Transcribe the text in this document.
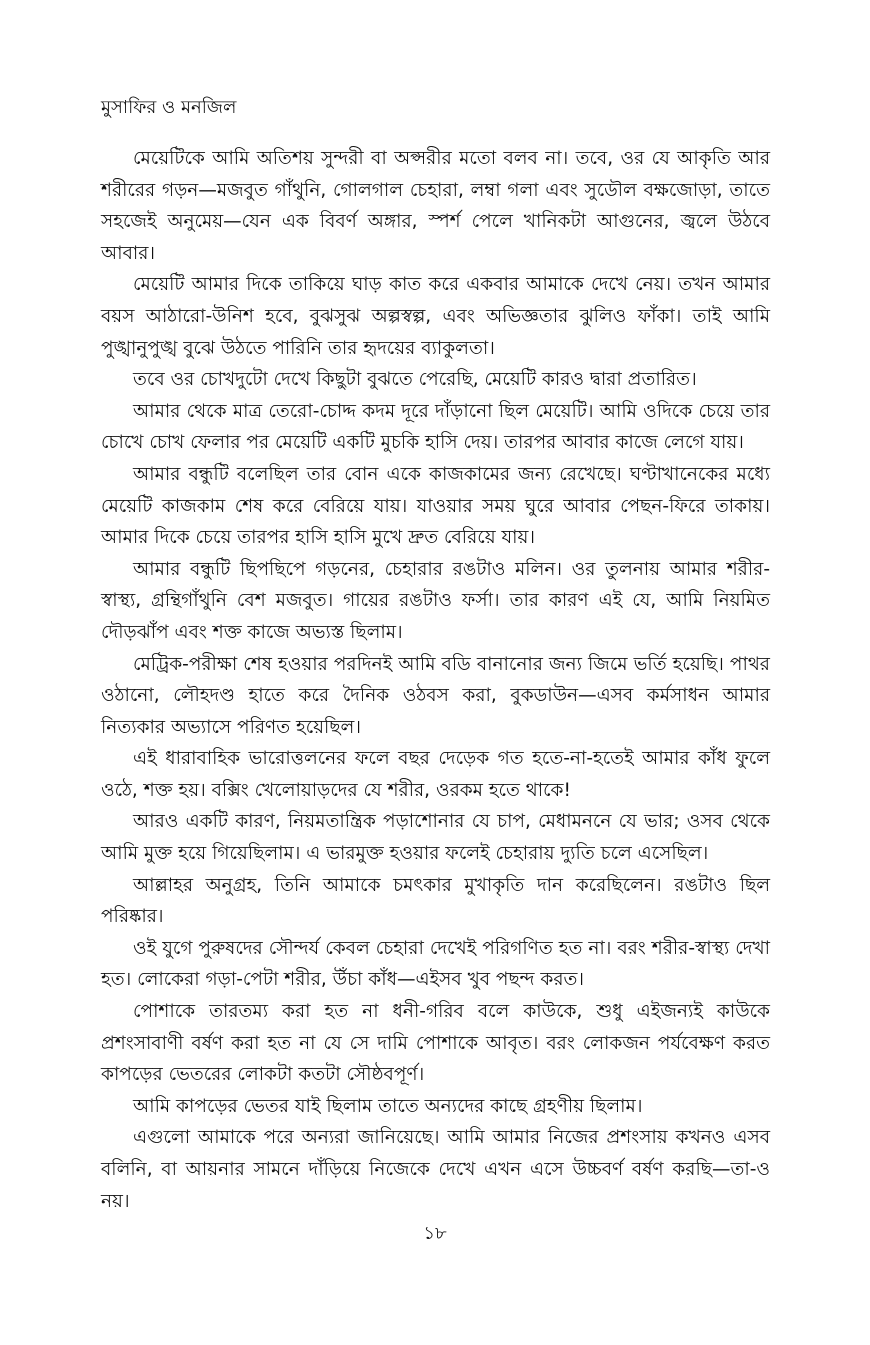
মুসাফির ও মনজিল

মেয়েটিকে আমি অতিশয় সুন্দরী বা অপ্সরীর মতো বলব না। তবে, ওর যে আকৃতি আর শরীরের গড়ন—মজবুত গাঁথুনি, গোলগাল চেহারা, লম্বা গলা এবং সুডৌল বক্ষজোড়া, তাতে সহজেই অনুমেয়—যেন এক বিবর্ণ অঙ্গার, স্পর্শ পেলে খানিকটা আগুনের, জ্বলে উঠবে আবার।

মেয়েটি আমার দিকে তাকিয়ে ঘাড় কাত করে একবার আমাকে দেখে নেয়। তখন আমার বয়স আঠারো-উনিশ হবে, বুঝসুঝ অল্পস্বল্প, এবং অভিজ্ঞতার ঝুলিও ফাঁকা। তাই আমি পুঙ্খানুপুঙ্খ বুঝে উঠতে পারিনি তার হৃদয়ের ব্যাকুলতা।

তবে ওর চোখদুটো দেখে কিছুটা বুঝতে পেরেছি, মেয়েটি কারও দ্বারা প্রতারিত।

আমার থেকে মাত্র তেরো-চোদ্দ কদম দূরে দাঁড়ানো ছিল মেয়েটি। আমি ওদিকে চেয়ে তার চোখে চোখ ফেলার পর মেয়েটি একটি মুচকি হাসি দেয়। তারপর আবার কাজে লেগে যায়।

আমার বন্ধুটি বলেছিল তার বোন একে কাজকামের জন্য রেখেছে। ঘণ্টাখানেকের মধ্যে মেয়েটি কাজকাম শেষ করে বেরিয়ে যায়। যাওয়ার সময় ঘুরে আবার পেছন-ফিরে তাকায়। আমার দিকে চেয়ে তারপর হাসি হাসি মুখে দ্রুত বেরিয়ে যায়।

আমার বন্ধুটি ছিপছিপে গড়নের, চেহারার রঙটাও মলিন। ওর তুলনায় আমার শরীর-স্বাস্থ্য, গ্রন্থিগাঁথুনি বেশ মজবুত। গায়ের রঙটাও ফর্সা। তার কারণ এই যে, আমি নিয়মিত দৌড়ঝাঁপ এবং শক্ত কাজে অভ্যস্ত ছিলাম।

মেট্রিক-পরীক্ষা শেষ হওয়ার পরদিনই আমি বডি বানানোর জন্য জিমে ভর্তি হয়েছি। পাথর ওঠানো, লৌহদণ্ড হাতে করে দৈনিক ওঠবস করা, বুকডাউন—এসব কর্মসাধন আমার নিত্যকার অভ্যাসে পরিণত হয়েছিল।

এই ধারাবাহিক ভারোত্তলনের ফলে বছর দেড়েক গত হতে-না-হতেই আমার কাঁধ ফুলে ওঠে, শক্ত হয়। বক্সিং খেলোয়াড়দের যে শরীর, ওরকম হতে থাকে!

আরও একটি কারণ, নিয়মতান্ত্রিক পড়াশোনার যে চাপ, মেধামননে যে ভার; ওসব থেকে আমি মুক্ত হয়ে গিয়েছিলাম। এ ভারমুক্ত হওয়ার ফলেই চেহারায় দ্যুতি চলে এসেছিল।

আল্লাহর অনুগ্রহ, তিনি আমাকে চমৎকার মুখাকৃতি দান করেছিলেন। রঙটাও ছিল পরিষ্কার।

ওই যুগে পুরুষদের সৌন্দর্য কেবল চেহারা দেখেই পরিগণিত হত না। বরং শরীর-স্বাস্থ্য দেখা হত। লোকেরা গড়া-পেটা শরীর, উঁচা কাঁধ—এইসব খুব পছন্দ করত।

পোশাকে তারতম্য করা হত না ধনী-গরিব বলে কাউকে, শুধু এইজন্যই কাউকে প্রশংসাবাণী বর্ষণ করা হত না যে সে দামি পোশাকে আবৃত। বরং লোকজন পর্যবেক্ষণ করত কাপড়ের ভেতরের লোকটা কতটা সৌষ্ঠবপূর্ণ।

আমি কাপড়ের ভেতর যাই ছিলাম তাতে অন্যদের কাছে গ্রহণীয় ছিলাম।

এগুলো আমাকে পরে অন্যরা জানিয়েছে। আমি আমার নিজের প্রশংসায় কখনও এসব বলিনি, বা আয়নার সামনে দাঁড়িয়ে নিজেকে দেখে এখন এসে উচ্চবর্ণ বর্ষণ করছি—তা-ও নয়।

১৮
